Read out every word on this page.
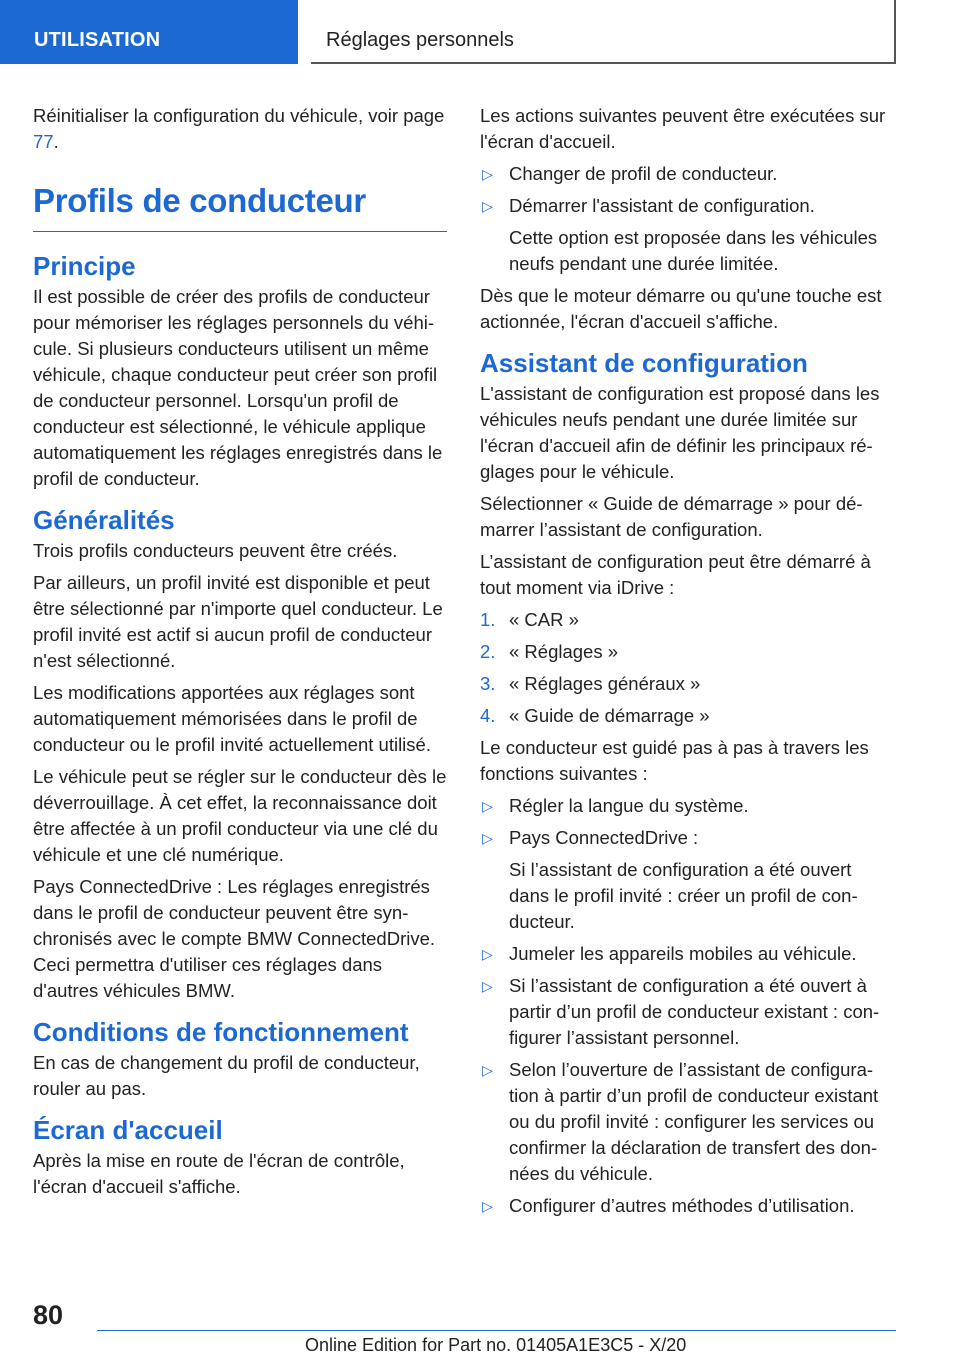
UTILISATION	Réglages personnels

Réinitialiser la configuration du véhicule, voir page 77.

Profils de conducteur
Principe

Il est possible de créer des profils de conducteur pour mémoriser les réglages personnels du véhicule. Si plusieurs conducteurs utilisent un même véhicule, chaque conducteur peut créer son profil de conducteur personnel. Lorsqu'un profil de conducteur est sélectionné, le véhicule applique automatiquement les réglages enregistrés dans le profil de conducteur.

Généralités

Trois profils conducteurs peuvent être créés.

Par ailleurs, un profil invité est disponible et peut être sélectionné par n'importe quel conducteur. Le profil invité est actif si aucun profil de conducteur n'est sélectionné.

Les modifications apportées aux réglages sont automatiquement mémorisées dans le profil de conducteur ou le profil invité actuellement utilisé.

Le véhicule peut se régler sur le conducteur dès le déverrouillage. À cet effet, la reconnaissance doit être affectée à un profil conducteur via une clé du véhicule et une clé numérique.

Pays ConnectedDrive : Les réglages enregistrés dans le profil de conducteur peuvent être synchronisés avec le compte BMW ConnectedDrive. Ceci permettra d'utiliser ces réglages dans d'autres véhicules BMW.

Conditions de fonctionnement

En cas de changement du profil de conducteur, rouler au pas.

Écran d'accueil

Après la mise en route de l'écran de contrôle, l'écran d'accueil s'affiche.

Les actions suivantes peuvent être exécutées sur l'écran d'accueil.

▷ Changer de profil de conducteur.
▷ Démarrer l'assistant de configuration.

Cette option est proposée dans les véhicules neufs pendant une durée limitée.

Dès que le moteur démarre ou qu'une touche est actionnée, l'écran d'accueil s'affiche.

Assistant de configuration

L'assistant de configuration est proposé dans les véhicules neufs pendant une durée limitée sur l'écran d'accueil afin de définir les principaux réglages pour le véhicule.

Sélectionner « Guide de démarrage » pour démarrer l’assistant de configuration.

L’assistant de configuration peut être démarré à tout moment via iDrive :

1. « CAR »
2. « Réglages »
3. « Réglages généraux »
4. « Guide de démarrage »

Le conducteur est guidé pas à pas à travers les fonctions suivantes :

▷ Régler la langue du système.
▷ Pays ConnectedDrive :

Si l’assistant de configuration a été ouvert dans le profil invité : créer un profil de conducteur.

▷ Jumeler les appareils mobiles au véhicule.
▷ Si l’assistant de configuration a été ouvert à partir d’un profil de conducteur existant : configurer l’assistant personnel.
▷ Selon l’ouverture de l’assistant de configuration à partir d’un profil de conducteur existant ou du profil invité : configurer les services ou confirmer la déclaration de transfert des données du véhicule.
▷ Configurer d’autres méthodes d’utilisation.
80
Online Edition for Part no. 01405A1E3C5 - X/20
